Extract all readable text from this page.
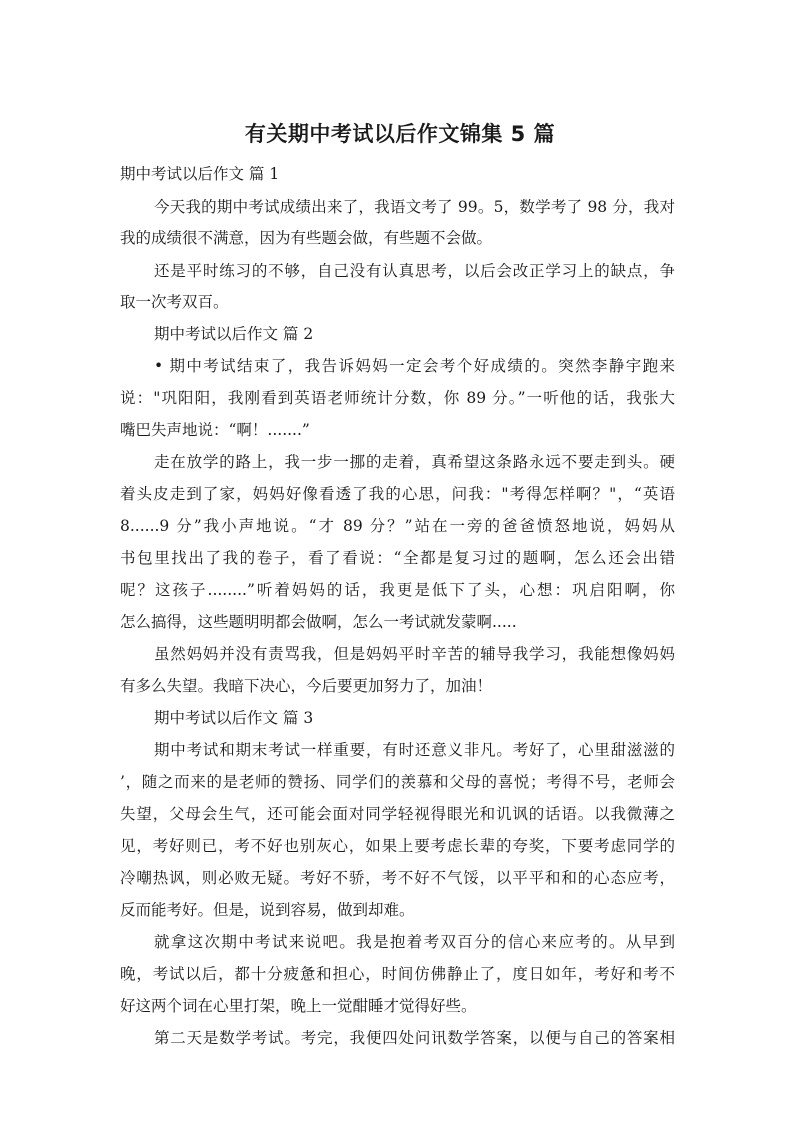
有关期中考试以后作文锦集 5 篇
期中考试以后作文 篇 1
今天我的期中考试成绩出来了，我语文考了 99。5，数学考了 98 分，我对
我的成绩很不满意，因为有些题会做，有些题不会做。
还是平时练习的不够，自己没有认真思考，以后会改正学习上的缺点，争
取一次考双百。
期中考试以后作文 篇 2
• 期中考试结束了，我告诉妈妈一定会考个好成绩的。突然李静宇跑来
说："巩阳阳，我刚看到英语老师统计分数，你 89 分。”一听他的话，我张大
嘴巴失声地说：“啊！.......”
走在放学的路上，我一步一挪的走着，真希望这条路永远不要走到头。硬
着头皮走到了家，妈妈好像看透了我的心思，问我："考得怎样啊？"，“英语
8......9 分”我小声地说。“才 89 分？”站在一旁的爸爸愤怒地说，妈妈从
书包里找出了我的卷子，看了看说：“全都是复习过的题啊，怎么还会出错
呢？这孩子........”听着妈妈的话，我更是低下了头，心想：巩启阳啊，你
怎么搞得，这些题明明都会做啊，怎么一考试就发蒙啊.....
虽然妈妈并没有责骂我，但是妈妈平时辛苦的辅导我学习，我能想像妈妈
有多么失望。我暗下决心，今后要更加努力了，加油！
期中考试以后作文 篇 3
期中考试和期末考试一样重要，有时还意义非凡。考好了，心里甜滋滋的
’，随之而来的是老师的赞扬、同学们的羡慕和父母的喜悦；考得不号，老师会
失望，父母会生气，还可能会面对同学轻视得眼光和讥讽的话语。以我微薄之
见，考好则已，考不好也别灰心，如果上要考虑长辈的夸奖，下要考虑同学的
冷嘲热讽，则必败无疑。考好不骄，考不好不气馁，以平平和和的心态应考，
反而能考好。但是，说到容易，做到却难。
就拿这次期中考试来说吧。我是抱着考双百分的信心来应考的。从早到
晚，考试以后，都十分疲惫和担心，时间仿佛静止了，度日如年，考好和考不
好这两个词在心里打架，晚上一觉酣睡才觉得好些。
第二天是数学考试。考完，我便四处问讯数学答案，以便与自己的答案相
